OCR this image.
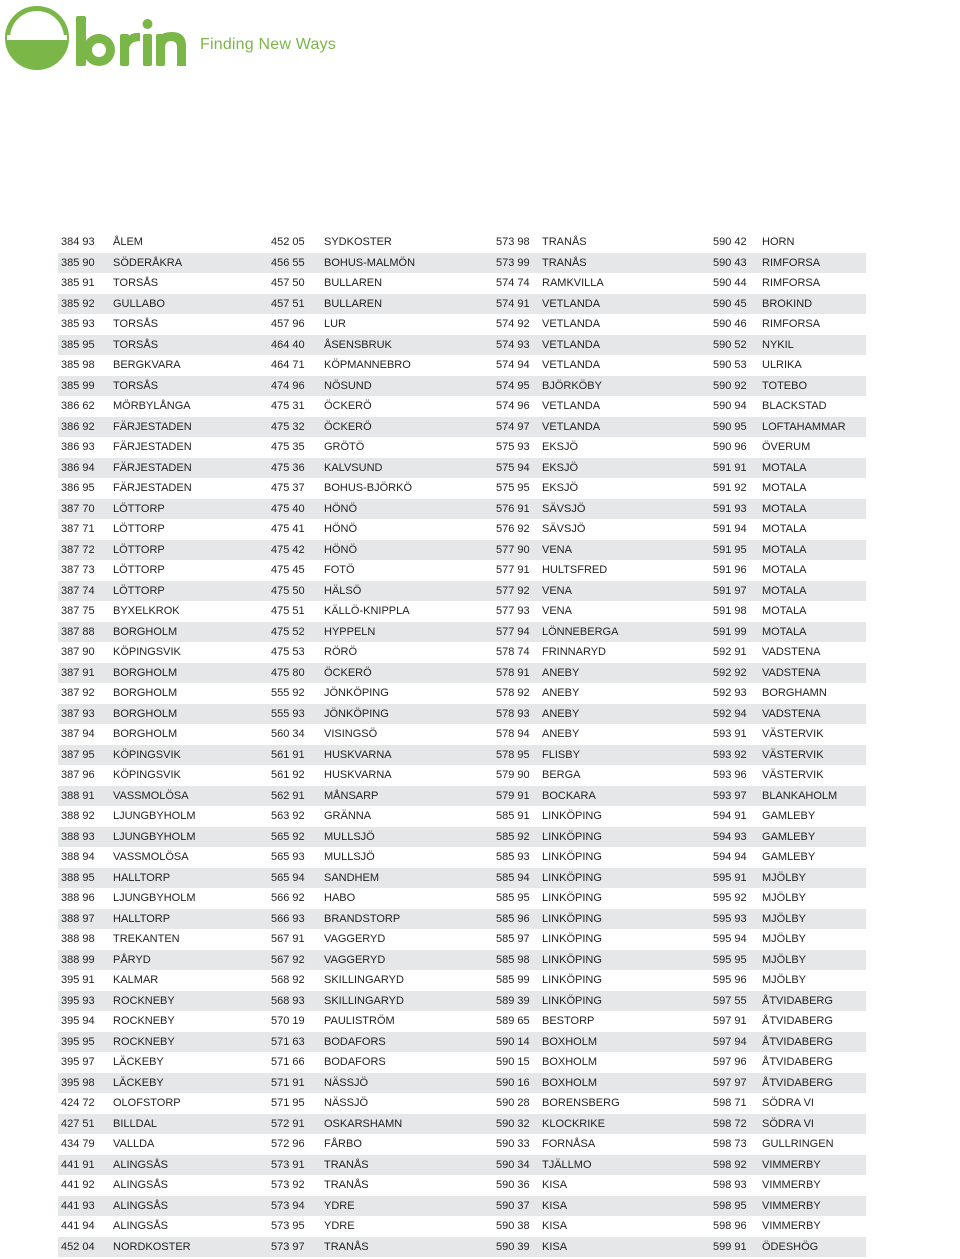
Finding New Ways
384 93 ÅLEM	452 05 SYDKOSTER	573 98 TRANÅS	590 42 HORN
385 90 SÖDERÅKRA	456 55 BOHUS-MALMÖN	573 99 TRANÅS	590 43 RIMFORSA
385 91 TORSÅS	457 50 BULLAREN	574 74 RAMKVILLA	590 44 RIMFORSA
385 92 GULLABO	457 51 BULLAREN	574 91 VETLANDA	590 45 BROKIND
385 93 TORSÅS	457 96 LUR	574 92 VETLANDA	590 46 RIMFORSA
385 95 TORSÅS	464 40 ÅSENSBRUK	574 93 VETLANDA	590 52 NYKIL
385 98 BERGKVARA	464 71 KÖPMANNEBRO	574 94 VETLANDA	590 53 ULRIKA
385 99 TORSÅS	474 96 NÖSUND	574 95 BJÖRKÖBY	590 92 TOTEBO
386 62 MÖRBYLÅNGA	475 31 ÖCKERÖ	574 96 VETLANDA	590 94 BLACKSTAD
386 92 FÄRJESTADEN	475 32 ÖCKERÖ	574 97 VETLANDA	590 95 LOFTAHAMMAR
386 93 FÄRJESTADEN	475 35 GRÖTÖ	575 93 EKSJÖ	590 96 ÖVERUM
386 94 FÄRJESTADEN	475 36 KALVSUND	575 94 EKSJÖ	591 91 MOTALA
386 95 FÄRJESTADEN	475 37 BOHUS-BJÖRKÖ	575 95 EKSJÖ	591 92 MOTALA
387 70 LÖTTORP	475 40 HÖNÖ	576 91 SÄVSJÖ	591 93 MOTALA
387 71 LÖTTORP	475 41 HÖNÖ	576 92 SÄVSJÖ	591 94 MOTALA
387 72 LÖTTORP	475 42 HÖNÖ	577 90 VENA	591 95 MOTALA
387 73 LÖTTORP	475 45 FOTÖ	577 91 HULTSFRED	591 96 MOTALA
387 74 LÖTTORP	475 50 HÄLSÖ	577 92 VENA	591 97 MOTALA
387 75 BYXELKROK	475 51 KÄLLÖ-KNIPPLA	577 93 VENA	591 98 MOTALA
387 88 BORGHOLM	475 52 HYPPELN	577 94 LÖNNEBERGA	591 99 MOTALA
387 90 KÖPINGSVIK	475 53 RÖRÖ	578 74 FRINNARYD	592 91 VADSTENA
387 91 BORGHOLM	475 80 ÖCKERÖ	578 91 ANEBY	592 92 VADSTENA
387 92 BORGHOLM	555 92 JÖNKÖPING	578 92 ANEBY	592 93 BORGHAMN
387 93 BORGHOLM	555 93 JÖNKÖPING	578 93 ANEBY	592 94 VADSTENA
387 94 BORGHOLM	560 34 VISINGSÖ	578 94 ANEBY	593 91 VÄSTERVIK
387 95 KÖPINGSVIK	561 91 HUSKVARNA	578 95 FLISBY	593 92 VÄSTERVIK
387 96 KÖPINGSVIK	561 92 HUSKVARNA	579 90 BERGA	593 96 VÄSTERVIK
388 91 VASSMOLÖSA	562 91 MÅNSARP	579 91 BOCKARA	593 97 BLANKAHOLM
388 92 LJUNGBYHOLM	563 92 GRÄNNA	585 91 LINKÖPING	594 91 GAMLEBY
388 93 LJUNGBYHOLM	565 92 MULLSJÖ	585 92 LINKÖPING	594 93 GAMLEBY
388 94 VASSMOLÖSA	565 93 MULLSJÖ	585 93 LINKÖPING	594 94 GAMLEBY
388 95 HALLTORP	565 94 SANDHEM	585 94 LINKÖPING	595 91 MJÖLBY
388 96 LJUNGBYHOLM	566 92 HABO	585 95 LINKÖPING	595 92 MJÖLBY
388 97 HALLTORP	566 93 BRANDSTORP	585 96 LINKÖPING	595 93 MJÖLBY
388 98 TREKANTEN	567 91 VAGGERYD	585 97 LINKÖPING	595 94 MJÖLBY
388 99 PÅRYD	567 92 VAGGERYD	585 98 LINKÖPING	595 95 MJÖLBY
395 91 KALMAR	568 92 SKILLINGARYD	585 99 LINKÖPING	595 96 MJÖLBY
395 93 ROCKNEBY	568 93 SKILLINGARYD	589 39 LINKÖPING	597 55 ÅTVIDABERG
395 94 ROCKNEBY	570 19 PAULISTRÖM	589 65 BESTORP	597 91 ÅTVIDABERG
395 95 ROCKNEBY	571 63 BODAFORS	590 14 BOXHOLM	597 94 ÅTVIDABERG
395 97 LÄCKEBY	571 66 BODAFORS	590 15 BOXHOLM	597 96 ÅTVIDABERG
395 98 LÄCKEBY	571 91 NÄSSJÖ	590 16 BOXHOLM	597 97 ÅTVIDABERG
424 72 OLOFSTORP	571 95 NÄSSJÖ	590 28 BORENSBERG	598 71 SÖDRA VI
427 51 BILLDAL	572 91 OSKARSHAMN	590 32 KLOCKRIKE	598 72 SÖDRA VI
434 79 VALLDA	572 96 FÅRBO	590 33 FORNÅSA	598 73 GULLRINGEN
441 91 ALINGSÅS	573 91 TRANÅS	590 34 TJÄLLMO	598 92 VIMMERBY
441 92 ALINGSÅS	573 92 TRANÅS	590 36 KISA	598 93 VIMMERBY
441 93 ALINGSÅS	573 94 YDRE	590 37 KISA	598 95 VIMMERBY
441 94 ALINGSÅS	573 95 YDRE	590 38 KISA	598 96 VIMMERBY
452 04 NORDKOSTER	573 97 TRANÅS	590 39 KISA	599 91 ÖDESHÖG
